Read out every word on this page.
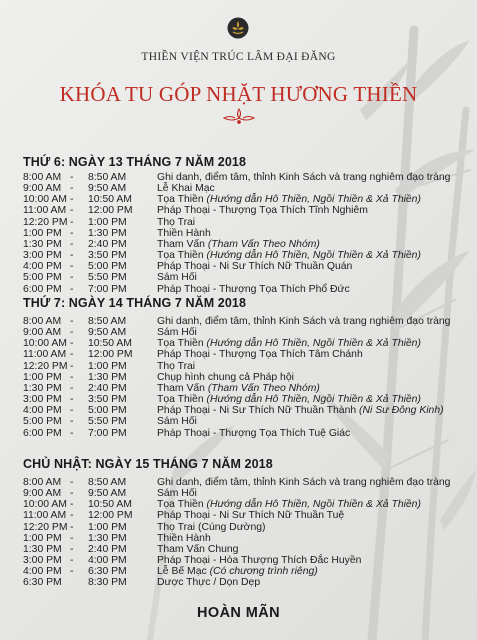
THIỀN VIỆN TRÚC LÂM ĐẠI ĐĂNG
KHÓA TU GÓP NHẶT HƯƠNG THIỀN
THỨ 6: NGÀY 13 THÁNG 7 NĂM 2018
8:00 AM - 8:50 AM	Ghi danh, điểm tâm, thỉnh Kinh Sách và trang nghiêm đạo tràng
9:00 AM - 9:50 AM	Lễ Khai Mạc
10:00 AM - 10:50 AM Tọa Thiền (Hướng dẫn Hô Thiền, Ngồi Thiền & Xả Thiền)
11:00 AM - 12:00 PM Pháp Thoại - Thượng Tọa Thích Tĩnh Nghiêm
12:20 PM - 1:00 PM	Thọ Trai
1:00 PM - 1:30 PM	Thiền Hành
1:30 PM - 2:40 PM	Tham Vấn (Tham Vấn Theo Nhóm)
3:00 PM - 3:50 PM	Tọa Thiền (Hướng dẫn Hô Thiền, Ngồi Thiền & Xả Thiền)
4:00 PM - 5:00 PM	Pháp Thoại - Ni Sư Thích Nữ Thuần Quán
5:00 PM - 5:50 PM	Sám Hối
6:00 PM - 7:00 PM	Pháp Thoại - Thượng Tọa Thích Phổ Đức
THỨ 7: NGÀY 14 THÁNG 7 NĂM 2018
8:00 AM - 8:50 AM	Ghi danh, điểm tâm, thỉnh Kinh Sách và trang nghiêm đạo tràng
9:00 AM - 9:50 AM	Sám Hối
10:00 AM - 10:50 AM Tọa Thiền (Hướng dẫn Hô Thiền, Ngồi Thiền & Xả Thiền)
11:00 AM - 12:00 PM Pháp Thoại - Thượng Tọa Thích Tâm Chánh
12:20 PM - 1:00 PM	Thọ Trai
1:00 PM - 1:30 PM	Chụp hình chung cả Pháp hội
1:30 PM - 2:40 PM	Tham Vấn (Tham Vấn Theo Nhóm)
3:00 PM - 3:50 PM	Tọa Thiền (Hướng dẫn Hô Thiền, Ngồi Thiền & Xả Thiền)
4:00 PM - 5:00 PM	Pháp Thoại - Ni Sư Thích Nữ Thuần Thành (Ni Sư Đông Kinh)
5:00 PM - 5:50 PM	Sám Hối
6:00 PM - 7:00 PM	Pháp Thoại - Thượng Tọa Thích Tuệ Giác
CHỦ NHẬT: NGÀY 15 THÁNG 7 NĂM 2018
8:00 AM - 8:50 AM	Ghi danh, điểm tâm, thỉnh Kinh Sách và trang nghiêm đạo tràng
9:00 AM - 9:50 AM	Sám Hối
10:00 AM - 10:50 AM Tọa Thiền (Hướng dẫn Hô Thiền, Ngồi Thiền & Xả Thiền)
11:00 AM - 12:00 PM Pháp Thoại - Ni Sư Thích Nữ Thuần Tuệ
12:20 PM - 1:00 PM	Thọ Trai (Cúng Dường)
1:00 PM - 1:30 PM	Thiền Hành
1:30 PM - 2:40 PM	Tham Vấn Chung
3:00 PM - 4:00 PM	Pháp Thoại - Hòa Thượng Thích Đắc Huyền
4:00 PM - 6:30 PM	Lễ Bế Mạc (Có chương trình riêng)
6:30 PM	8:30 PM	Dược Thực / Dọn Dẹp
HOÀN MÃN
